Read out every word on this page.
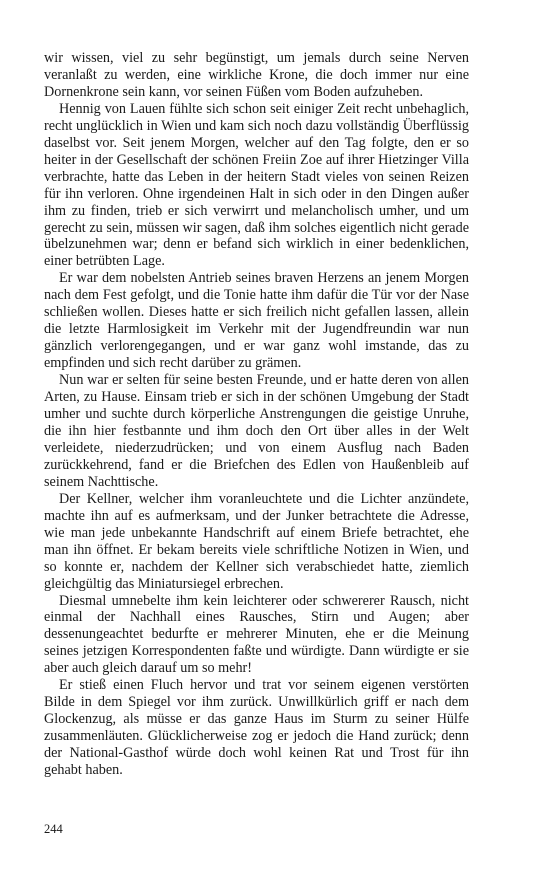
wir wissen, viel zu sehr begünstigt, um jemals durch seine Nerven veranlaßt zu werden, eine wirkliche Krone, die doch immer nur eine Dornenkrone sein kann, vor seinen Füßen vom Boden aufzuheben.

Hennig von Lauen fühlte sich schon seit einiger Zeit recht unbehaglich, recht unglücklich in Wien und kam sich noch dazu vollständig Überflüssig daselbst vor. Seit jenem Morgen, welcher auf den Tag folgte, den er so heiter in der Gesellschaft der schönen Freiin Zoe auf ihrer Hietzinger Villa verbrachte, hatte das Leben in der heitern Stadt vieles von seinen Reizen für ihn verloren. Ohne irgendeinen Halt in sich oder in den Dingen außer ihm zu finden, trieb er sich verwirrt und melancholisch umher, und um gerecht zu sein, müssen wir sagen, daß ihm solches eigentlich nicht gerade übelzunehmen war; denn er befand sich wirklich in einer bedenklichen, einer betrübten Lage.

Er war dem nobelsten Antrieb seines braven Herzens an jenem Morgen nach dem Fest gefolgt, und die Tonie hatte ihm dafür die Tür vor der Nase schließen wollen. Dieses hatte er sich freilich nicht gefallen lassen, allein die letzte Harmlosigkeit im Verkehr mit der Jugendfreundin war nun gänzlich verlorengegangen, und er war ganz wohl imstande, das zu empfinden und sich recht darüber zu grämen.

Nun war er selten für seine besten Freunde, und er hatte deren von allen Arten, zu Hause. Einsam trieb er sich in der schönen Umgebung der Stadt umher und suchte durch körperliche Anstrengungen die geistige Unruhe, die ihn hier festbannte und ihm doch den Ort über alles in der Welt verleidete, niederzudrücken; und von einem Ausflug nach Baden zurückkehrend, fand er die Briefchen des Edlen von Haußenbleib auf seinem Nachttische.

Der Kellner, welcher ihm voranleuchtete und die Lichter anzündete, machte ihn auf es aufmerksam, und der Junker betrachtete die Adresse, wie man jede unbekannte Handschrift auf einem Briefe betrachtet, ehe man ihn öffnet. Er bekam bereits viele schriftliche Notizen in Wien, und so konnte er, nachdem der Kellner sich verabschiedet hatte, ziemlich gleichgültig das Miniatursiegel erbrechen.

Diesmal umnebelte ihm kein leichterer oder schwererer Rausch, nicht einmal der Nachhall eines Rausches, Stirn und Augen; aber dessenungeachtet bedurfte er mehrerer Minuten, ehe er die Meinung seines jetzigen Korrespondenten faßte und würdigte. Dann würdigte er sie aber auch gleich darauf um so mehr!

Er stieß einen Fluch hervor und trat vor seinem eigenen verstörten Bilde in dem Spiegel vor ihm zurück. Unwillkürlich griff er nach dem Glockenzug, als müsse er das ganze Haus im Sturm zu seiner Hülfe zusammenläuten. Glücklicherweise zog er jedoch die Hand zurück; denn der National-Gasthof würde doch wohl keinen Rat und Trost für ihn gehabt haben.

244
